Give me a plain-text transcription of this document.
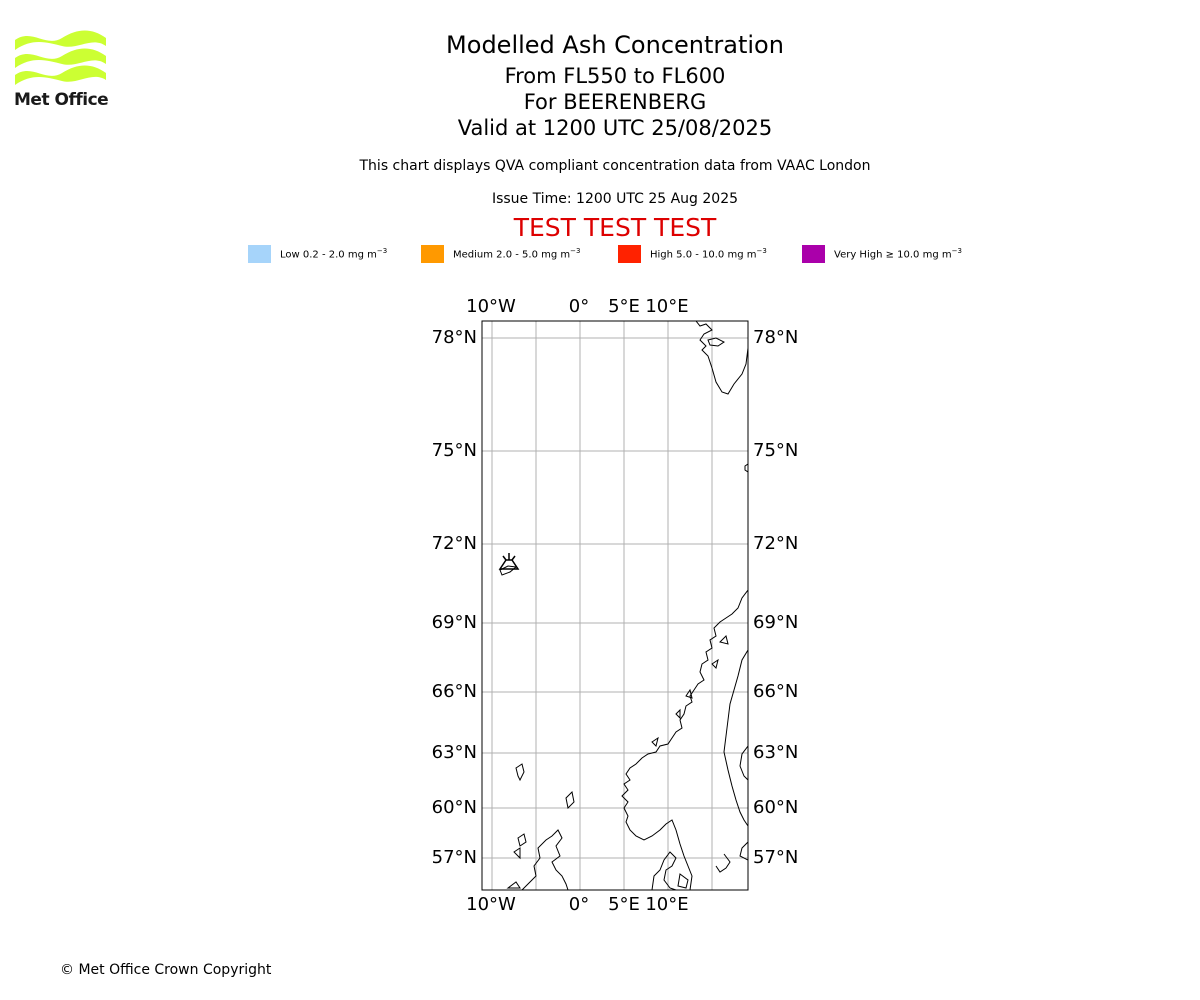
Met Office
Modelled Ash Concentration
From FL550 to FL600
For BEERENBERG
Valid at 1200 UTC 25/08/2025
This chart displays QVA compliant concentration data from VAAC London
Issue Time: 1200 UTC 25 Aug 2025
TEST TEST TEST
Low 0.2 - 2.0 mg $m^{-3}$	Medium 2.0 - 5.0 mg $m^{-3}$	High 5.0 - 10.0 mg $m^{-3}$	Very High ≥ 10.0 mg $m^{-3}$
10°W	0° 5°E 10°E
10°W	0° 5°E 10°E
78°N
75°N
72°N
69°N
66°N
63°N
60°N
57°N
78°N
75°N
72°N
69°N
66°N
63°N
60°N
57°N
© Met Office Crown Copyright
